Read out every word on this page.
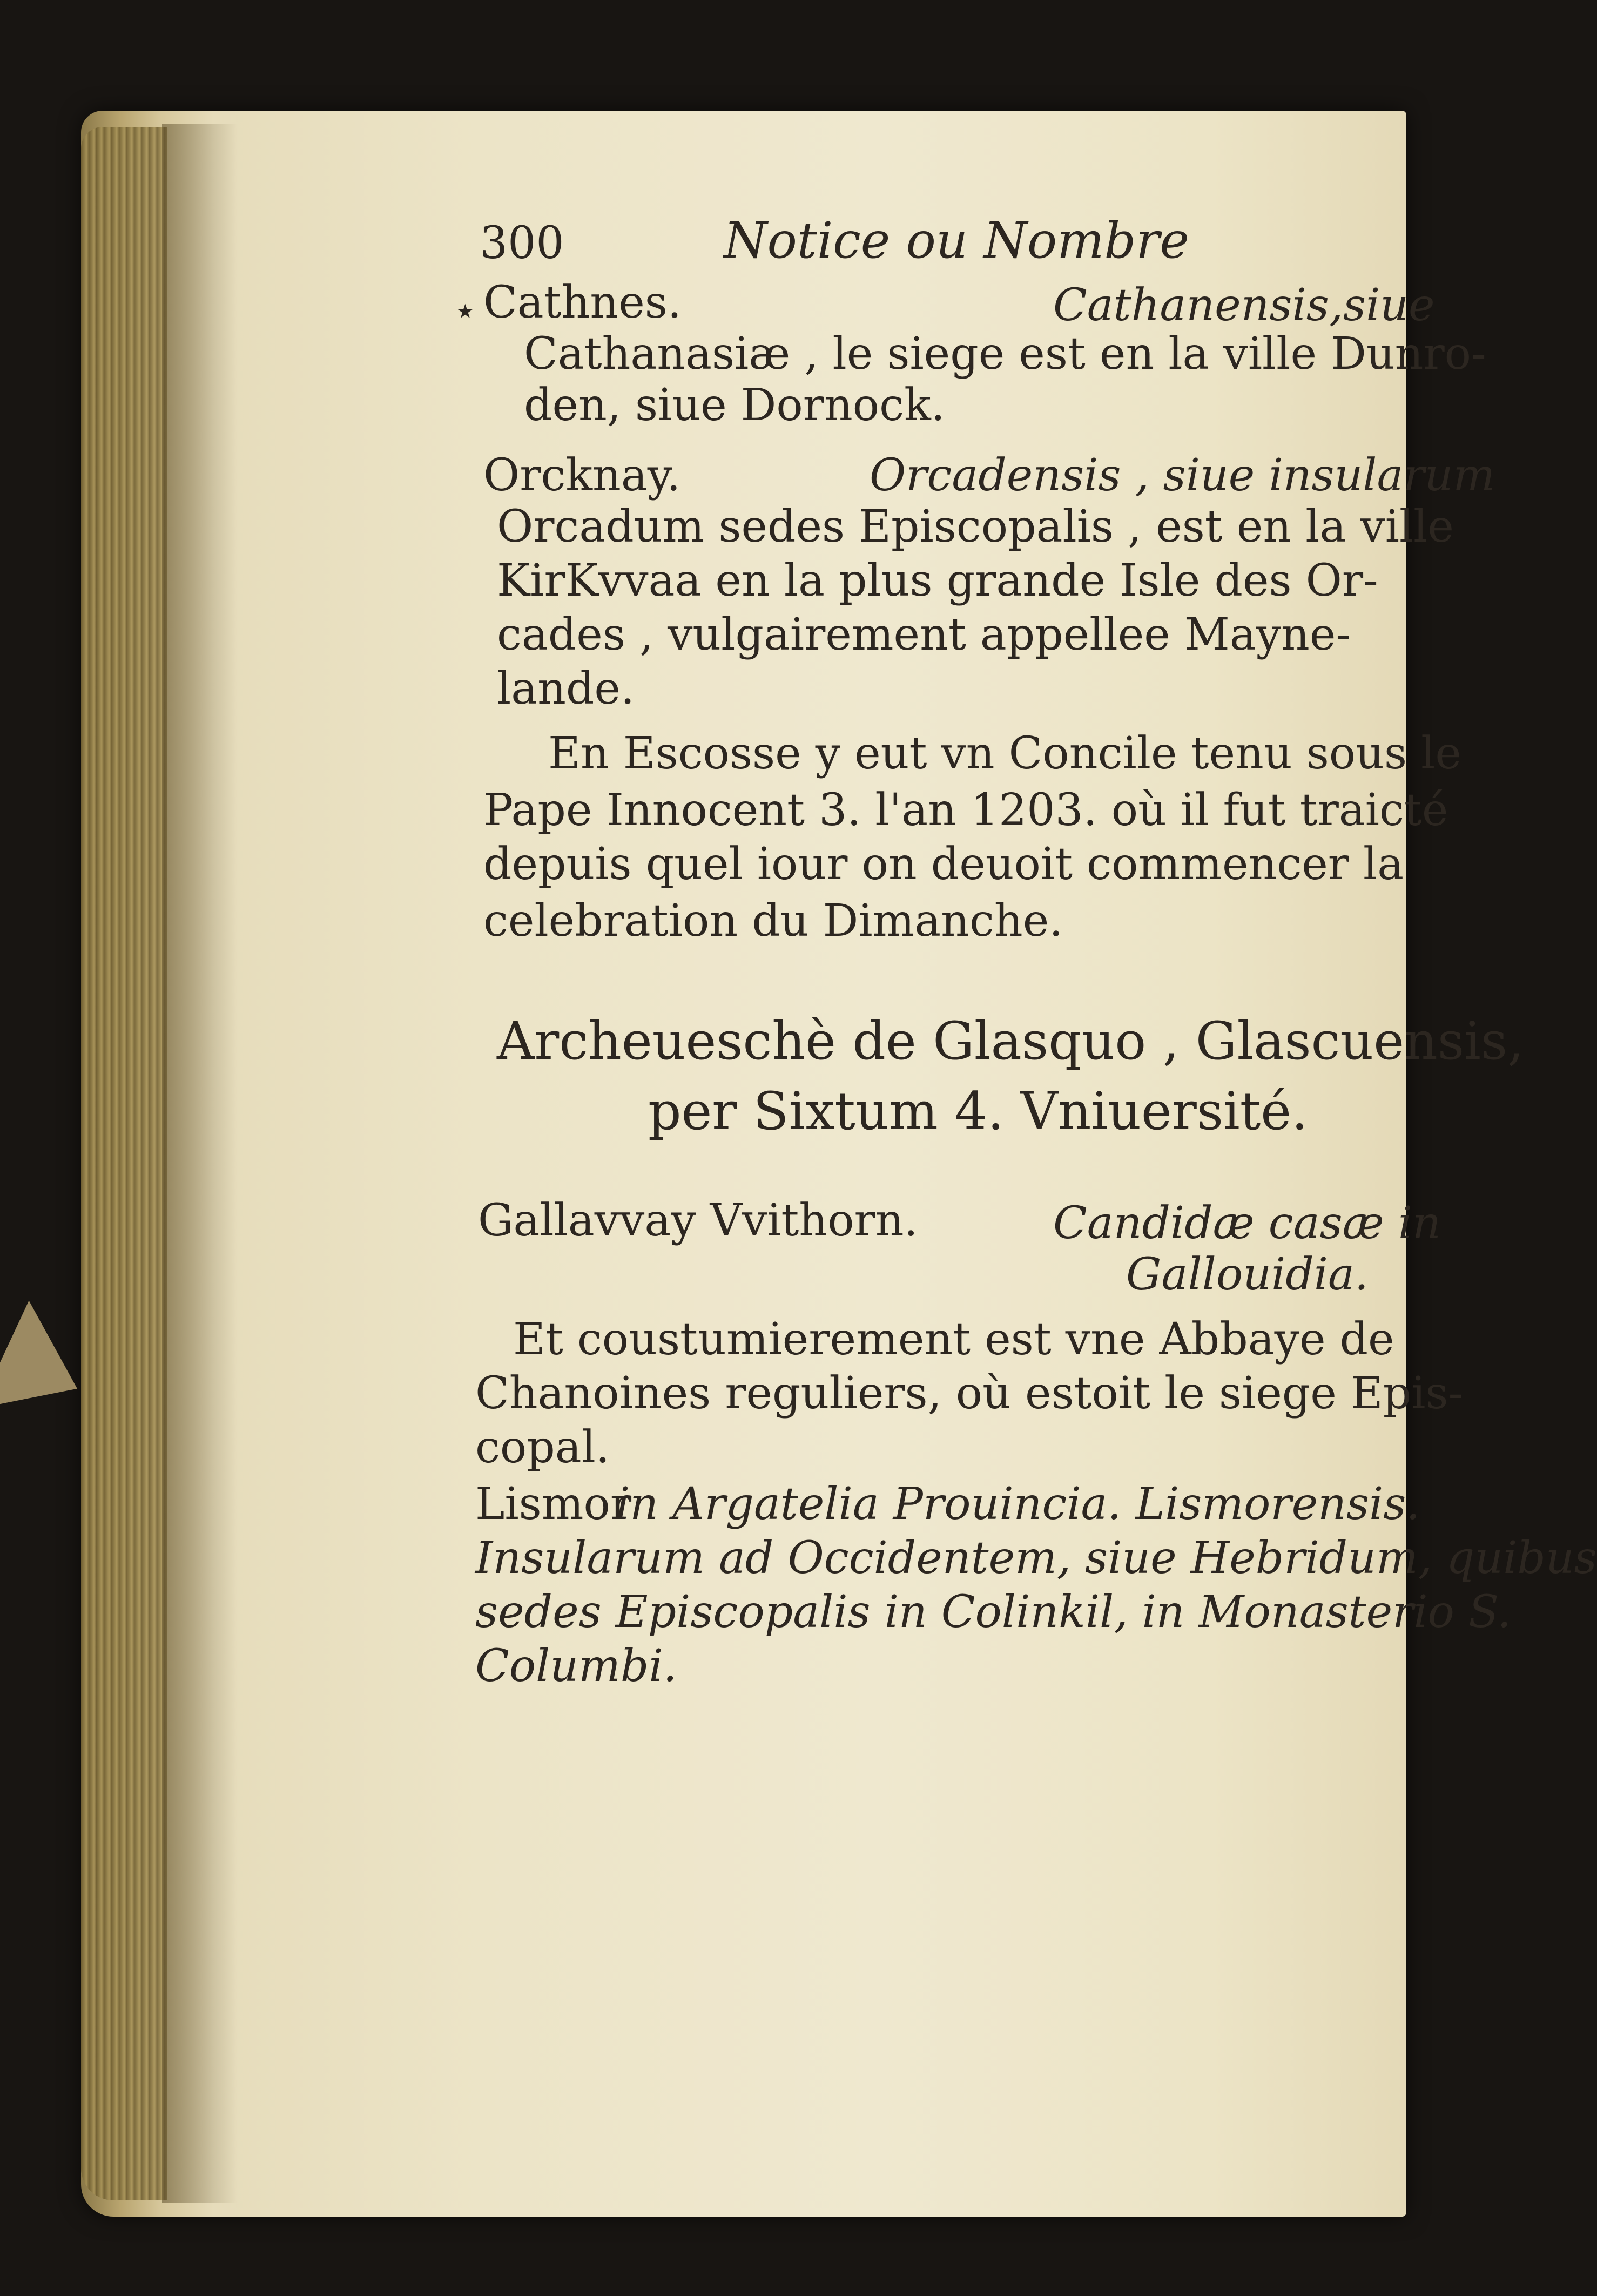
300	Notice ou Nombre
٭ Cathnes.	Cathanensis,siue
Cathanasiæ , le siege est en la ville Dunro-
den, siue Dornock.
Orcknay.	Orcadensis , siue insularum
Orcadum sedes Episcopalis , est en la ville
KirKvvaa en la plus grande Isle des Or-
cades , vulgairement appellee Mayne-
lande.
En Escosse y eut vn Concile tenu sous le
Pape Innocent 3. l'an 1203. où il fut traicté
depuis quel iour on deuoit commencer la
celebration du Dimanche.
Archeueschè de Glasquo , Glascuensis,
per Sixtum 4. Vniuersité.
Gallavvay Vvithorn.	Candidæ casæ in
Gallouidia.
Et coustumierement est vne Abbaye de
Chanoines reguliers, où estoit le siege Epis-
copal.
Lismor
in Argatelia Prouincia. Lismorensis.
Insularum ad Occidentem, siue Hebridum, quibus
sedes Episcopalis in Colinkil, in Monasterio S.
Columbi.
